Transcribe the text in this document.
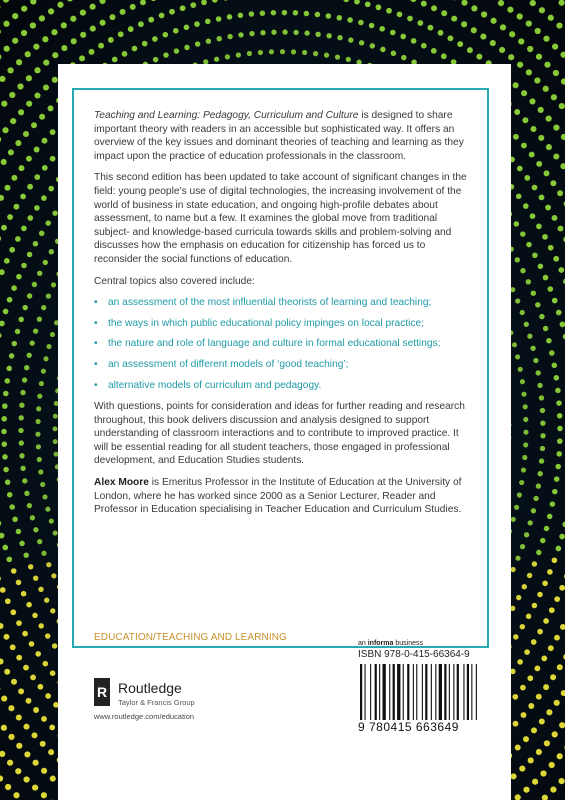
Teaching and Learning: Pedagogy, Curriculum and Culture is designed to share important theory with readers in an accessible but sophisticated way. It offers an overview of the key issues and dominant theories of teaching and learning as they impact upon the practice of education professionals in the classroom.

This second edition has been updated to take account of significant changes in the field: young people’s use of digital technologies, the increasing involvement of the world of business in state education, and ongoing high-profile debates about assessment, to name but a few. It examines the global move from traditional subject- and knowledge-based curricula towards skills and problem-solving and discusses how the emphasis on education for citizenship has forced us to reconsider the social functions of education.

Central topics also covered include:

• an assessment of the most influential theorists of learning and teaching;
• the ways in which public educational policy impinges on local practice;
• the nature and role of language and culture in formal educational settings;
• an assessment of different models of ‘good teaching’;
• alternative models of curriculum and pedagogy.

With questions, points for consideration and ideas for further reading and research throughout, this book delivers discussion and analysis designed to support understanding of classroom interactions and to contribute to improved practice. It will be essential reading for all student teachers, those engaged in professional development, and Education Studies students.

Alex Moore is Emeritus Professor in the Institute of Education at the University of London, where he has worked since 2000 as a Senior Lecturer, Reader and Professor in Education specialising in Teacher Education and Curriculum Studies.

EDUCATION/TEACHING AND LEARNING
R Routledge
Taylor & Francis Group
www.routledge.com/education
an informa business
ISBN 978-0-415-66364-9
9 780415 663649
